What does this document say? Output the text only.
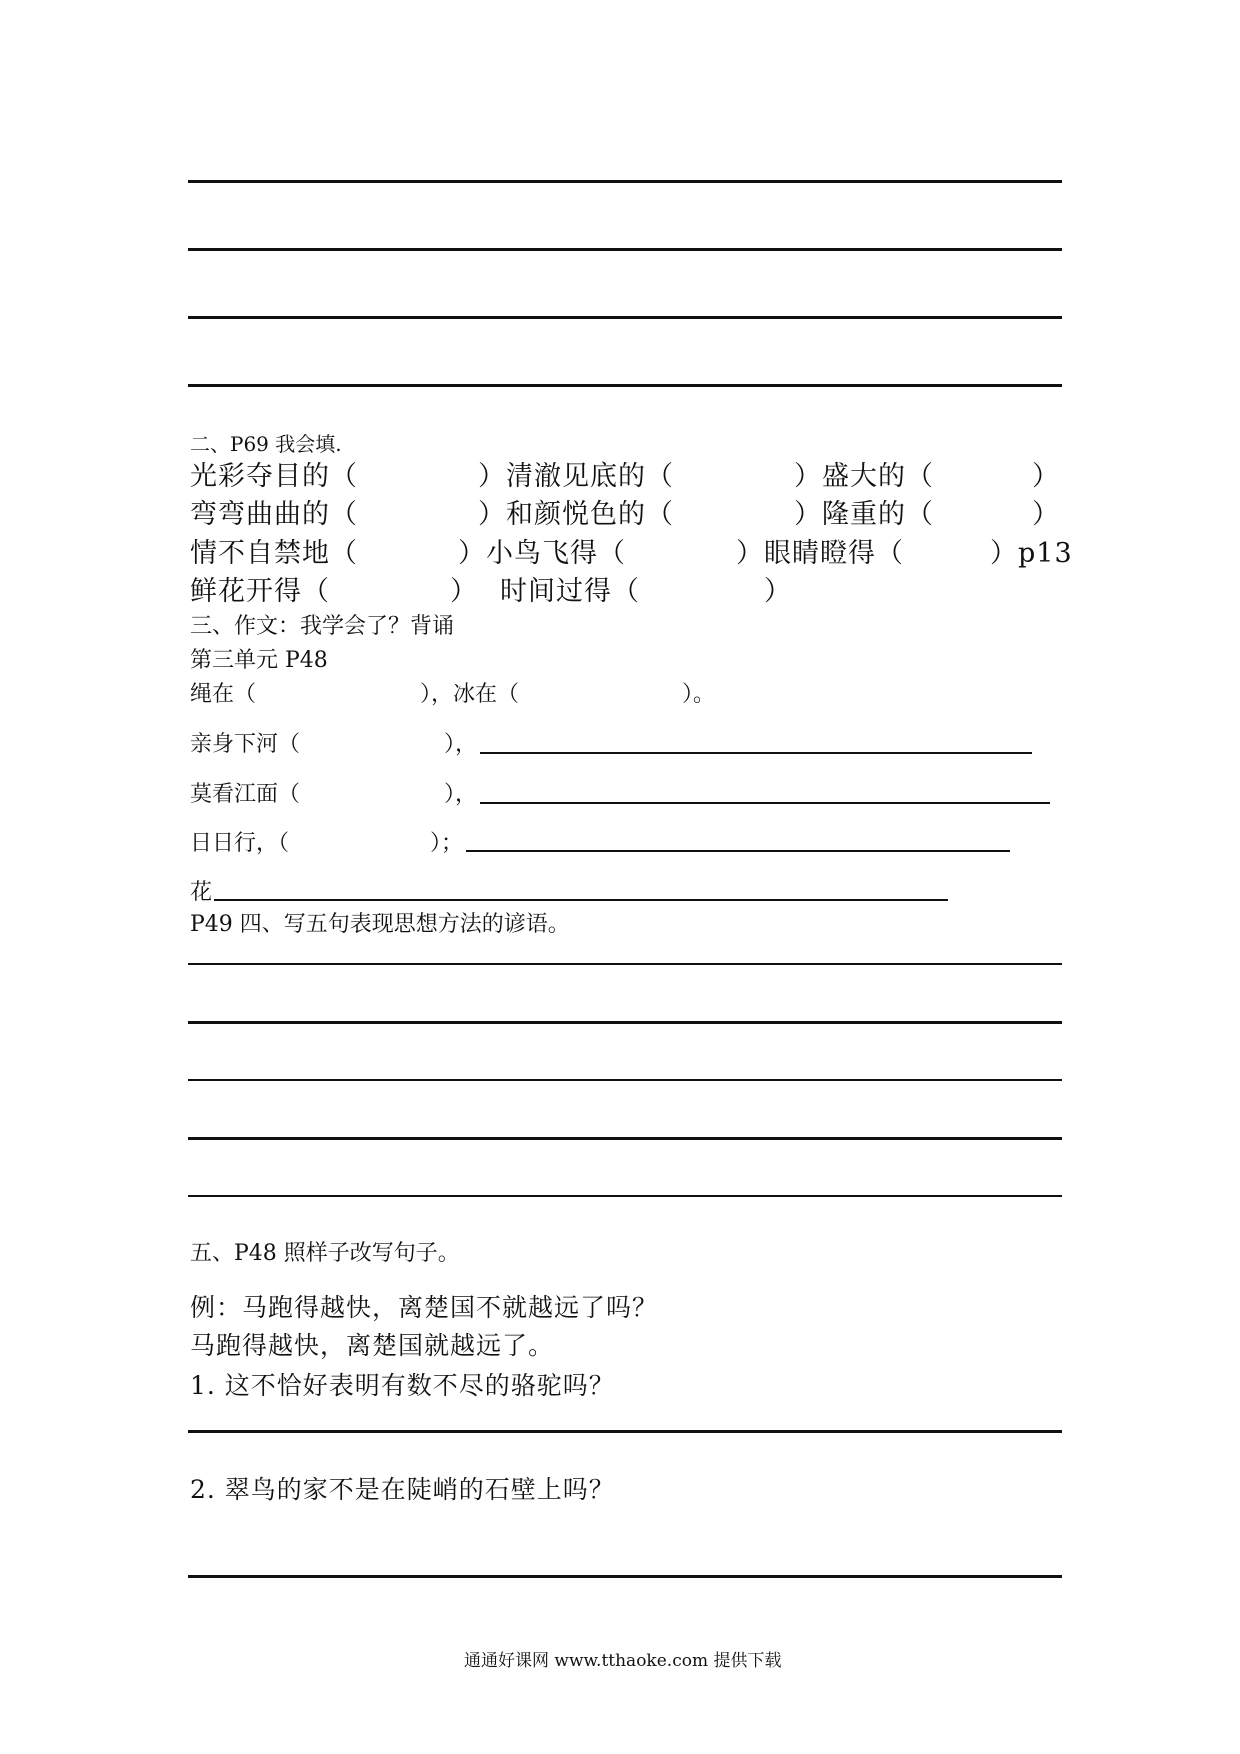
二、P69 我会填.
光彩夺目的（	）清澈见底的（	）盛大的（	）
弯弯曲曲的（	）和颜悦色的（	）隆重的（	）
情不自禁地（	）小鸟飞得（	）眼睛瞪得（	）p13
鲜花开得（	） 时间过得（	）
三、作文：我学会了？背诵
第三单元 P48
绳在（	），冰在（	）。
亲身下河（	），
莫看江面（	），
日日行，（	）；
花
P49 四、写五句表现思想方法的谚语。
五、P48 照样子改写句子。
例：马跑得越快，离楚国不就越远了吗？
马跑得越快，离楚国就越远了。
1. 这不恰好表明有数不尽的骆驼吗？
2. 翠鸟的家不是在陡峭的石壁上吗？
通通好课网 www.tthaoke.com 提供下载
